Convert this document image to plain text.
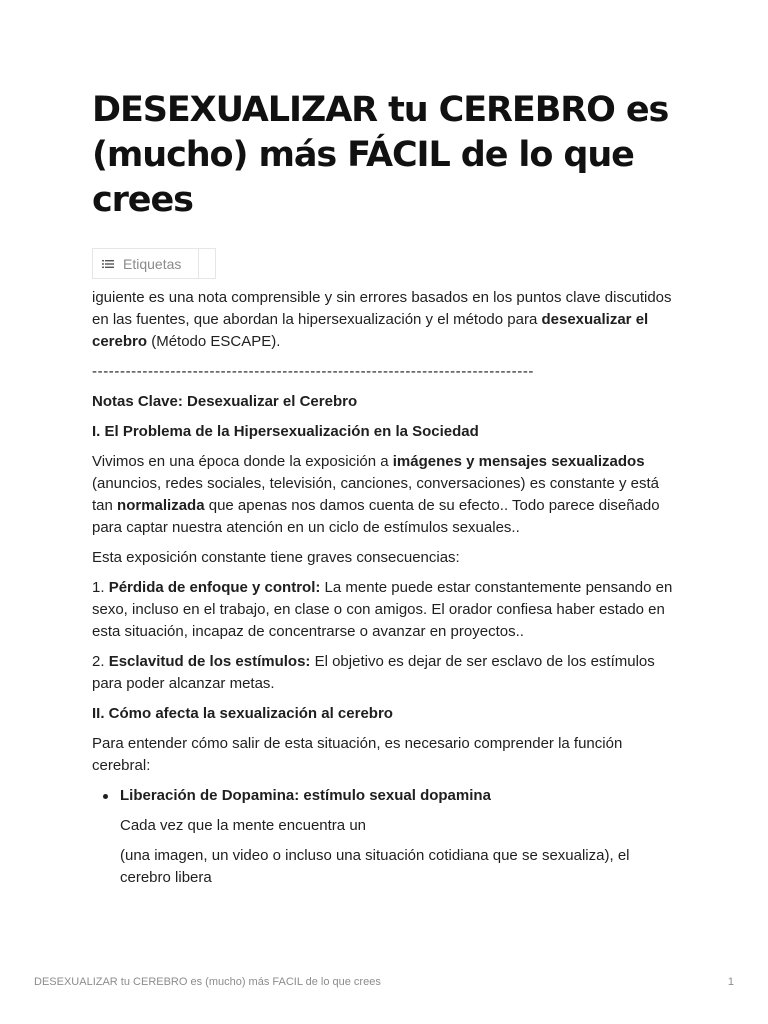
DESEXUALIZAR tu CEREBRO es (mucho) más FÁCIL de lo que crees
Etiquetas

iguiente es una nota comprensible y sin errores basados en los puntos clave discutidos en las fuentes, que abordan la hipersexualización y el método para desexualizar el cerebro (Método ESCAPE).

-------------------------------------------------------------------------------
Notas Clave: Desexualizar el Cerebro
I. El Problema de la Hipersexualización en la Sociedad

Vivimos en una época donde la exposición a imágenes y mensajes sexualizados (anuncios, redes sociales, televisión, canciones, conversaciones) es constante y está tan normalizada que apenas nos damos cuenta de su efecto.. Todo parece diseñado para captar nuestra atención en un ciclo de estímulos sexuales..

Esta exposición constante tiene graves consecuencias:

1. Pérdida de enfoque y control: La mente puede estar constantemente pensando en sexo, incluso en el trabajo, en clase o con amigos. El orador confiesa haber estado en esta situación, incapaz de concentrarse o avanzar en proyectos..

2. Esclavitud de los estímulos: El objetivo es dejar de ser esclavo de los estímulos para poder alcanzar metas.

II. Cómo afecta la sexualización al cerebro

Para entender cómo salir de esta situación, es necesario comprender la función cerebral:

Liberación de Dopamina: estímulo sexual dopamina

Cada vez que la mente encuentra un

(una imagen, un video o incluso una situación cotidiana que se sexualiza), el cerebro libera

DESEXUALIZAR tu CEREBRO es (mucho) más FACIL de lo que crees	1
